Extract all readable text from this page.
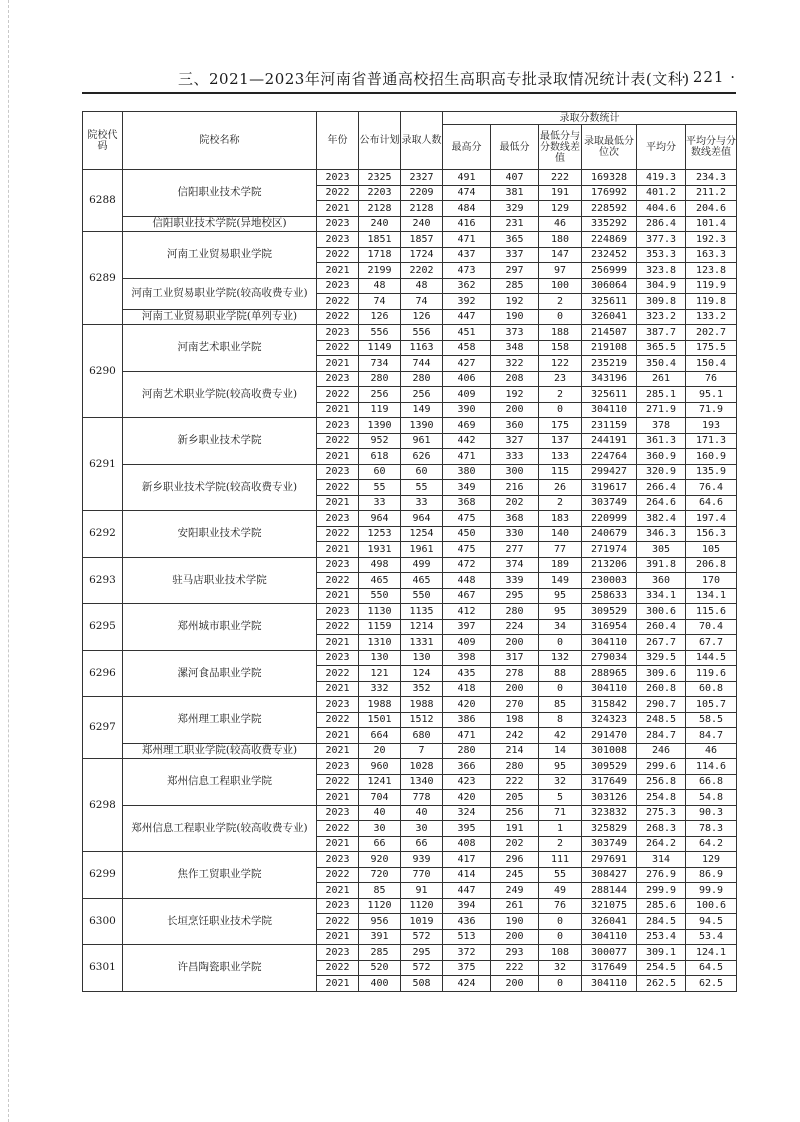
三、2021—2023年河南省普通高校招生高职高专批录取情况统计表(文科)
· 221 ·
院校代码	院校名称	年份	公布计划	录取人数	录取分数统计					
					最高分	最低分	最低分与分数线差值	录取最低分位次	平均分	平均分与分数线差值
6288	信阳职业技术学院	2023	2325	2327	491	407	222	169328	419.3	234.3
		2022	2203	2209	474	381	191	176992	401.2	211.2
		2021	2128	2128	484	329	129	228592	404.6	204.6
	信阳职业技术学院(异地校区)	2023	240	240	416	231	46	335292	286.4	101.4
6289	河南工业贸易职业学院	2023	1851	1857	471	365	180	224869	377.3	192.3
		2022	1718	1724	437	337	147	232452	353.3	163.3
		2021	2199	2202	473	297	97	256999	323.8	123.8
	河南工业贸易职业学院(较高收费专业)	2023	48	48	362	285	100	306064	304.9	119.9
		2022	74	74	392	192	2	325611	309.8	119.8
	河南工业贸易职业学院(单列专业)	2022	126	126	447	190	0	326041	323.2	133.2
6290	河南艺术职业学院	2023	556	556	451	373	188	214507	387.7	202.7
		2022	1149	1163	458	348	158	219108	365.5	175.5
		2021	734	744	427	322	122	235219	350.4	150.4
	河南艺术职业学院(较高收费专业)	2023	280	280	406	208	23	343196	261	76
		2022	256	256	409	192	2	325611	285.1	95.1
		2021	119	149	390	200	0	304110	271.9	71.9
6291	新乡职业技术学院	2023	1390	1390	469	360	175	231159	378	193
		2022	952	961	442	327	137	244191	361.3	171.3
		2021	618	626	471	333	133	224764	360.9	160.9
	新乡职业技术学院(较高收费专业)	2023	60	60	380	300	115	299427	320.9	135.9
		2022	55	55	349	216	26	319617	266.4	76.4
		2021	33	33	368	202	2	303749	264.6	64.6
6292	安阳职业技术学院	2023	964	964	475	368	183	220999	382.4	197.4
		2022	1253	1254	450	330	140	240679	346.3	156.3
		2021	1931	1961	475	277	77	271974	305	105
6293	驻马店职业技术学院	2023	498	499	472	374	189	213206	391.8	206.8
		2022	465	465	448	339	149	230003	360	170
		2021	550	550	467	295	95	258633	334.1	134.1
6295	郑州城市职业学院	2023	1130	1135	412	280	95	309529	300.6	115.6
		2022	1159	1214	397	224	34	316954	260.4	70.4
		2021	1310	1331	409	200	0	304110	267.7	67.7
6296	漯河食品职业学院	2023	130	130	398	317	132	279034	329.5	144.5
		2022	121	124	435	278	88	288965	309.6	119.6
		2021	332	352	418	200	0	304110	260.8	60.8
6297	郑州理工职业学院	2023	1988	1988	420	270	85	315842	290.7	105.7
		2022	1501	1512	386	198	8	324323	248.5	58.5
		2021	664	680	471	242	42	291470	284.7	84.7
	郑州理工职业学院(较高收费专业)	2021	20	7	280	214	14	301008	246	46
6298	郑州信息工程职业学院	2023	960	1028	366	280	95	309529	299.6	114.6
		2022	1241	1340	423	222	32	317649	256.8	66.8
		2021	704	778	420	205	5	303126	254.8	54.8
	郑州信息工程职业学院(较高收费专业)	2023	40	40	324	256	71	323832	275.3	90.3
		2022	30	30	395	191	1	325829	268.3	78.3
		2021	66	66	408	202	2	303749	264.2	64.2
6299	焦作工贸职业学院	2023	920	939	417	296	111	297691	314	129
		2022	720	770	414	245	55	308427	276.9	86.9
		2021	85	91	447	249	49	288144	299.9	99.9
6300	长垣烹饪职业技术学院	2023	1120	1120	394	261	76	321075	285.6	100.6
		2022	956	1019	436	190	0	326041	284.5	94.5
		2021	391	572	513	200	0	304110	253.4	53.4
6301	许昌陶瓷职业学院	2023	285	295	372	293	108	300077	309.1	124.1
		2022	520	572	375	222	32	317649	254.5	64.5
		2021	400	508	424	200	0	304110	262.5	62.5
